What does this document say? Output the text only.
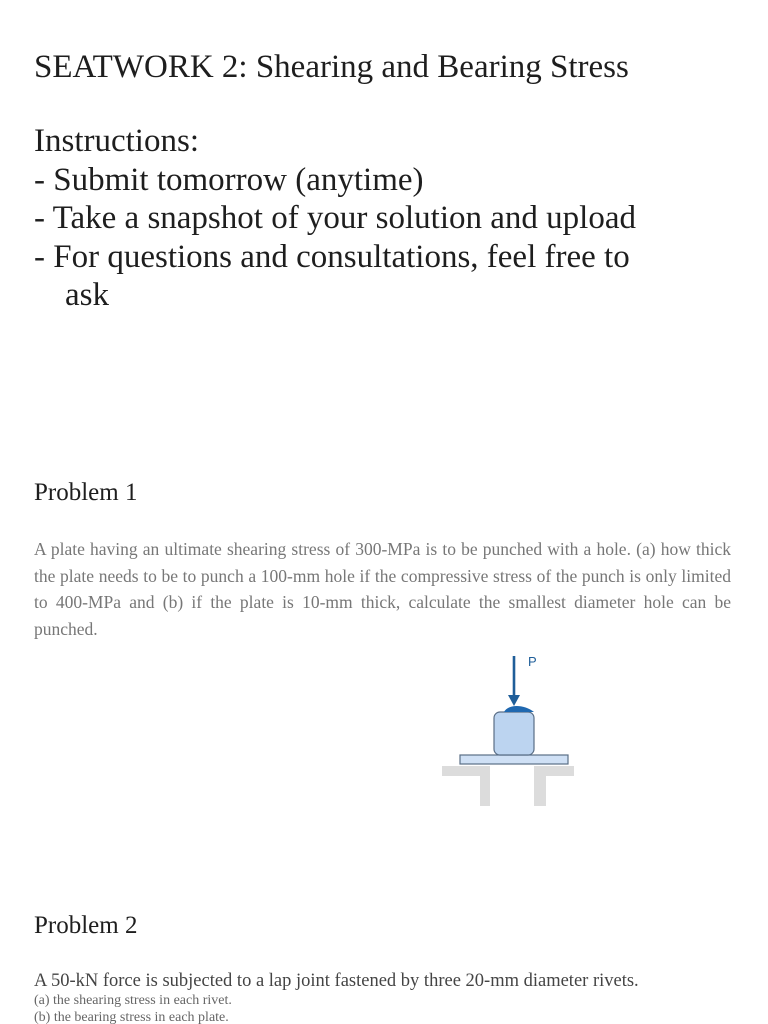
SEATWORK 2: Shearing and Bearing Stress
Instructions:
- Submit tomorrow (anytime)
- Take a snapshot of your solution and upload
- For questions and consultations, feel free to
ask
Problem 1
A plate having an ultimate shearing stress of 300-MPa is to be punched with a hole. (a) how thick the plate needs to be to punch a 100-mm hole if the compressive stress of the punch is only limited to 400-MPa and (b) if the plate is 10-mm thick, calculate the smallest diameter hole can be punched.
P
Problem 2
A 50-kN force is subjected to a lap joint fastened by three 20-mm diameter rivets.
(a) the shearing stress in each rivet.
(b) the bearing stress in each plate.
